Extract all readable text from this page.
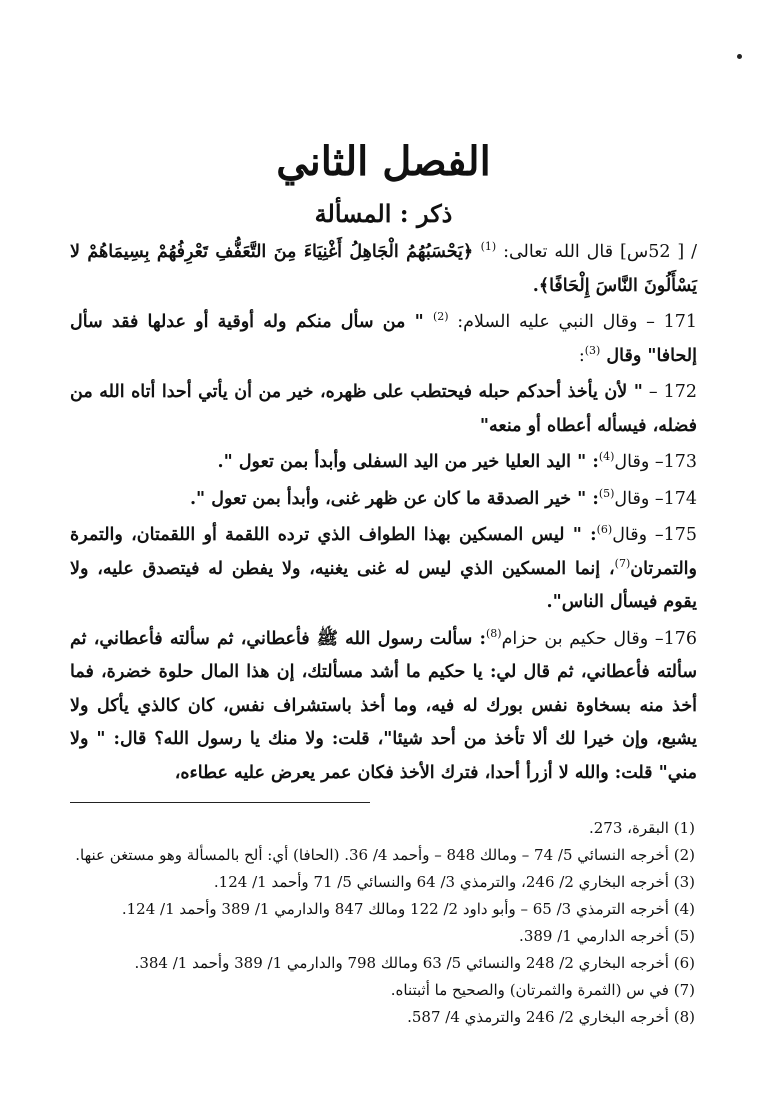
الفصل الثاني
ذكر : المسألة

/ [ 52س] قال الله تعالى: $^{(1)}$ ﴿يَحْسَبُهُمُ الْجَاهِلُ أَغْنِيَاءَ مِنَ التَّعَفُّفِ تَعْرِفُهُمْ بِسِيمَاهُمْ لا يَسْأَلُونَ النَّاسَ إِلْحَافًا﴾.

171 – وقال النبي عليه السلام: $^{(2)}$ " من سأل منكم وله أوقية أو عدلها فقد سأل إلحافا" وقال $^{(3)}$:

172 – " لأن يأخذ أحدكم حبله فيحتطب على ظهره، خير من أن يأتي أحدا أتاه الله من فضله، فيسأله أعطاه أو منعه"

173– وقال$^{(4)}$: " اليد العليا خير من اليد السفلى وأبدأ بمن تعول ".

174– وقال$^{(5)}$: " خير الصدقة ما كان عن ظهر غنى، وأبدأ بمن تعول ".

175– وقال$^{(6)}$: " ليس المسكين بهذا الطواف الذي ترده اللقمة أو اللقمتان، والتمرة والتمرتان$^{(7)}$، إنما المسكين الذي ليس له غنى يغنيه، ولا يفطن له فيتصدق عليه، ولا يقوم فيسأل الناس".

176– وقال حكيم بن حزام$^{(8)}$: سألت رسول الله ﷺ فأعطاني، ثم سألته فأعطاني، ثم سألته فأعطاني، ثم قال لي: يا حكيم ما أشد مسألتك، إن هذا المال حلوة خضرة، فما أخذ منه بسخاوة نفس بورك له فيه، وما أخذ باستشراف نفس، كان كالذي يأكل ولا يشبع، وإن خيرا لك ألا تأخذ من أحد شيئا"، قلت: ولا منك يا رسول الله؟ قال: " ولا مني" قلت: والله لا أزرأ أحدا، فترك الأخذ فكان عمر يعرض عليه عطاءه،

(1) البقرة، 273.

(2) أخرجه النسائي 5/ 74 – ومالك 848 – وأحمد 4/ 36. (الحافا) أي: ألح بالمسألة وهو مستغن عنها.

(3) أخرجه البخاري 2/ 246، والترمذي 3/ 64 والنسائي 5/ 71 وأحمد 1/ 124.

(4) أخرجه الترمذي 3/ 65 – وأبو داود 2/ 122 ومالك 847 والدارمي 1/ 389 وأحمد 1/ 124.

(5) أخرجه الدارمي 1/ 389.

(6) أخرجه البخاري 2/ 248 والنسائي 5/ 63 ومالك 798 والدارمي 1/ 389 وأحمد 1/ 384.

(7) في س (الثمرة والثمرتان) والصحيح ما أثبتناه.

(8) أخرجه البخاري 2/ 246 والترمذي 4/ 587.
